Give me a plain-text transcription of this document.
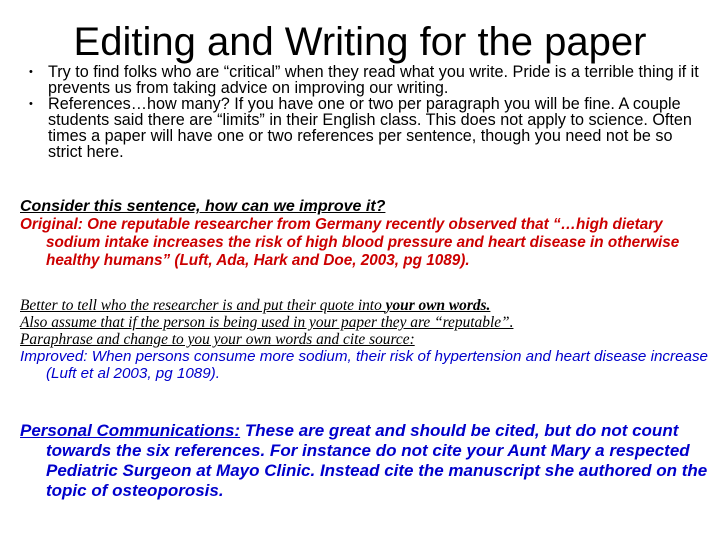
Editing and Writing for the paper
• Try to find folks who are “critical” when they read what you write. Pride is a terrible thing if it prevents us from taking advice on improving our writing.
• References…how many? If you have one or two per paragraph you will be fine. A couple students said there are “limits” in their English class. This does not apply to science. Often times a paper will have one or two references per sentence, though you need not be so strict here.
Consider this sentence, how can we improve it?
Original: One reputable researcher from Germany recently observed that “…high dietary sodium intake increases the risk of high blood pressure and heart disease in otherwise healthy humans” (Luft, Ada, Hark and Doe, 2003, pg 1089).
Better to tell who the researcher is and put their quote into your own words.
Also assume that if the person is being used in your paper they are “reputable”.
Paraphrase and change to you your own words and cite source:
Improved: When persons consume more sodium, their risk of hypertension and heart disease increase (Luft et al 2003, pg 1089).
Personal Communications: These are great and should be cited, but do not count towards the six references. For instance do not cite your Aunt Mary a respected Pediatric Surgeon at Mayo Clinic. Instead cite the manuscript she authored on the topic of osteoporosis.
